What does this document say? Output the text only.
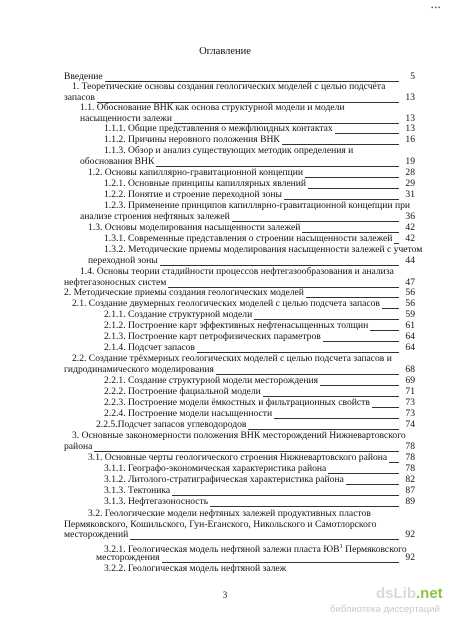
•••
Оглавление
Введение	5
1. Теоретические основы создания геологических моделей с целью подсчёта
запасов	13
1.1. Обоснование ВНК как основа структурной модели и модели
насыщенности залежи	13
1.1.1. Общие представления о межфлюидных контактах	13
1.1.2. Причины неровного положения ВНК	16
1.1.3. Обзор и анализ существующих методик определения и
обоснования ВНК	19
1.2. Основы капиллярно-гравитационной концепции	28
1.2.1. Основные принципы капиллярных явлений	29
1.2.2. Понятие и строение переходной зоны	31
1.2.3. Применение принципов капиллярно-гравитационной концепции при
анализе строения нефтяных залежей	36
1.3. Основы моделирования насыщенности залежей	42
1.3.1. Современные представления о строении насыщенности залежей	42
1.3.2. Методические приемы моделирования насыщенности залежей с учетом
переходной зоны	44
1.4. Основы теории стадийности процессов нефтегазообразования и анализа
нефтегазоносных систем	47
2. Методические приемы создания геологических моделей	56
2.1. Создание двумерных геологических моделей с целью подсчета запасов	56
2.1.1. Создание структурной модели	59
2.1.2. Построение карт эффективных нефтенасыщенных толщин	61
2.1.3. Построение карт петрофизических параметров	64
2.1.4. Подсчет запасов	64
2.2. Создание трёхмерных геологических моделей с целью подсчета запасов и
гидродинамического моделирования	68
2.2.1. Создание структурной модели месторождения	69
2.2.2. Построение фациальной модели	71
2.2.3. Построение модели ёмкостных и фильтрационных свойств	73
2.2.4. Построение модели насыщенности	73
2.2.5.Подсчет запасов углеводородов	74
3. Основные закономерности положения ВНК месторождений Нижневартовского
района	78
3.1. Основные черты геологического строения Нижневартовского района	78
3.1.1. Географо-экономическая характеристика района	78
3.1.2. Литолого-стратиграфическая характеристика района	82
3.1.3. Тектоника	87
3.1.3. Нефтегазоносность	89
3.2. Геологические модели нефтяных залежей продуктивных пластов
Пермяковского, Кошильского, Гун-Еганского, Никольского и Самотлорского
месторождений	92
3.2.1. Геологическая модель нефтяной залежи пласта $ЮВ^1$ Пермяковского
месторождения	92
3.2.2. Геологическая модель нефтяной залеж
3	dsLib.net
библиотека диссертаций
